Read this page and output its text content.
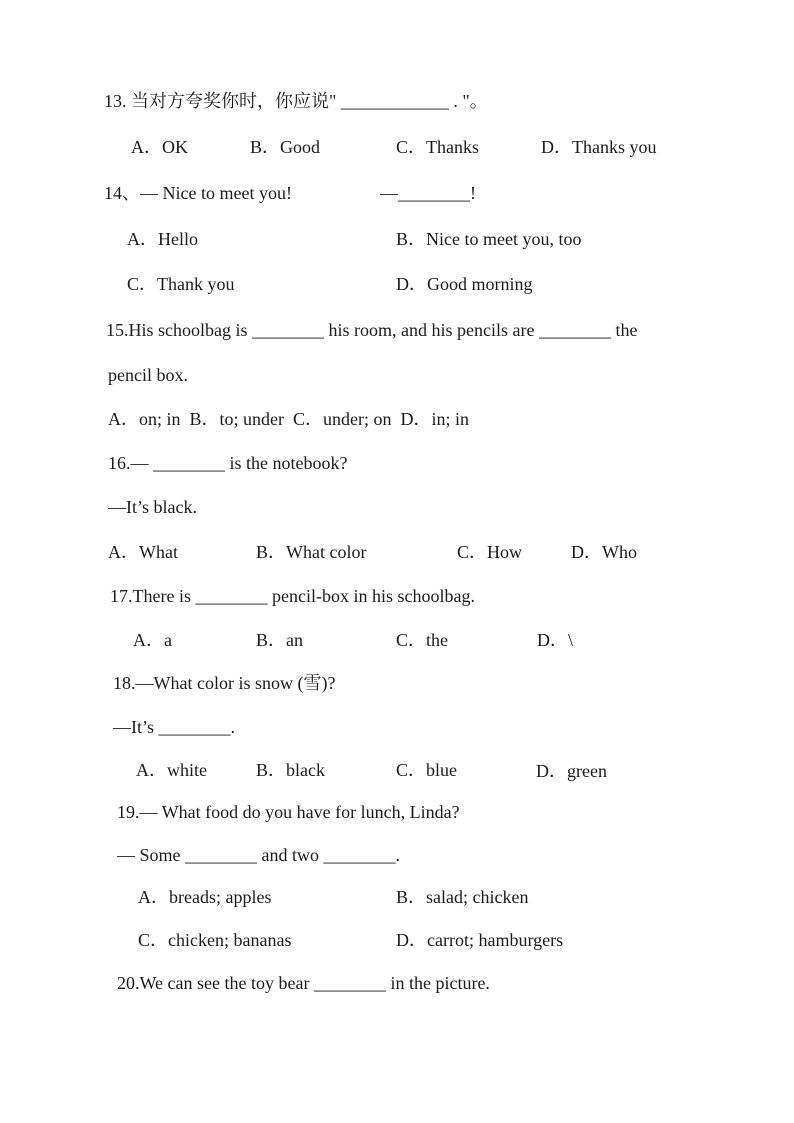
13. 当对方夸奖你时，你应说" ____________ . "。
A．OK	B．Good	C．Thanks	D．Thanks you
14、— Nice to meet you!	—________!
A．Hello	B．Nice to meet you, too
C．Thank you	D．Good morning
15.His schoolbag is ________ his room, and his pencils are ________ the
pencil box.
A．on; in  B．to; under  C．under; on  D．in; in
16.— ________ is the notebook?
—It’s black.
A．What	B．What color	C．How	D．Who
17.There is ________ pencil-box in his schoolbag.
A．a	B．an	C．the	D．\
18.—What color is snow (雪)?
—It’s ________.
A．white	B．black	C．blue	D．green
19.— What food do you have for lunch, Linda?
— Some ________ and two ________.
A．breads; apples	B．salad; chicken
C．chicken; bananas	D．carrot; hamburgers
20.We can see the toy bear ________ in the picture.
